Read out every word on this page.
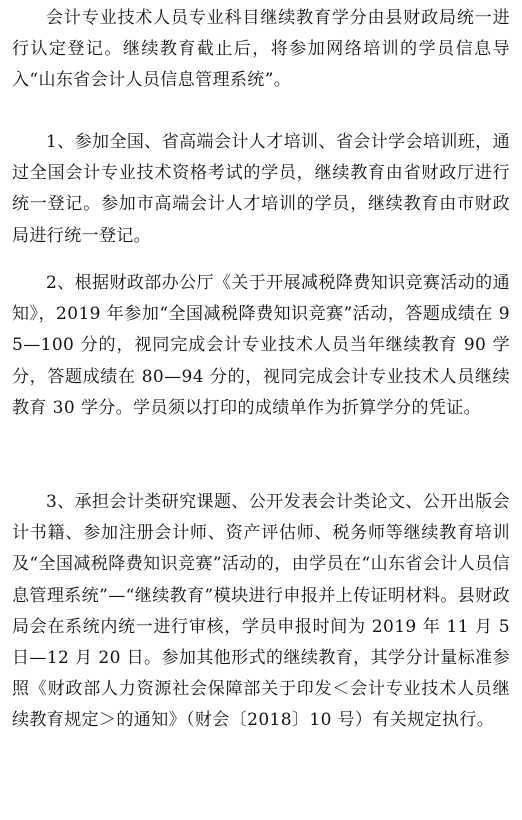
会计专业技术人员专业科目继续教育学分由县财政局统一进行认定登记。继续教育截止后，将参加网络培训的学员信息导入“山东省会计人员信息管理系统”。

1、参加全国、省高端会计人才培训、省会计学会培训班，通过全国会计专业技术资格考试的学员，继续教育由省财政厅进行统一登记。参加市高端会计人才培训的学员，继续教育由市财政局进行统一登记。

2、根据财政部办公厅《关于开展减税降费知识竞赛活动的通知》，2019 年参加“全国减税降费知识竞赛”活动，答题成绩在 95—100 分的，视同完成会计专业技术人员当年继续教育 90 学分，答题成绩在 80—94 分的，视同完成会计专业技术人员继续教育 30 学分。学员须以打印的成绩单作为折算学分的凭证。

3、承担会计类研究课题、公开发表会计类论文、公开出版会计书籍、参加注册会计师、资产评估师、税务师等继续教育培训及“全国减税降费知识竞赛”活动的，由学员在“山东省会计人员信息管理系统”—“继续教育”模块进行申报并上传证明材料。县财政局会在系统内统一进行审核，学员申报时间为 2019 年 11 月 5 日—12 月 20 日。参加其他形式的继续教育，其学分计量标准参照《财政部人力资源社会保障部关于印发＜会计专业技术人员继续教育规定＞的通知》（财会〔2018〕10 号）有关规定执行。
